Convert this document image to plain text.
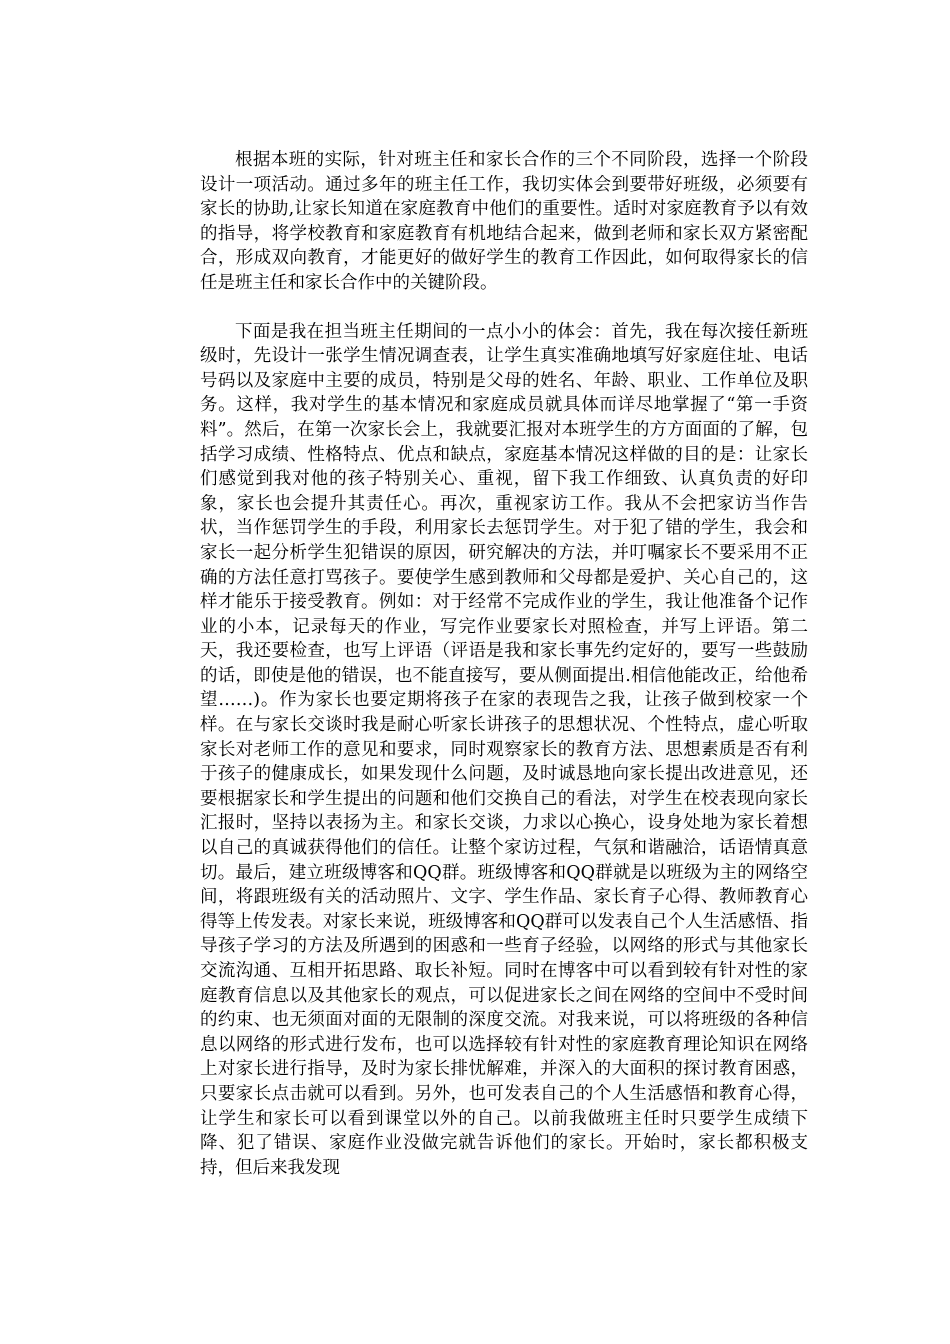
根据本班的实际，针对班主任和家长合作的三个不同阶段，选择一个阶段设计一项活动。通过多年的班主任工作，我切实体会到要带好班级，必须要有家长的协助,让家长知道在家庭教育中他们的重要性。适时对家庭教育予以有效的指导，将学校教育和家庭教育有机地结合起来，做到老师和家长双方紧密配合，形成双向教育，才能更好的做好学生的教育工作因此，如何取得家长的信任是班主任和家长合作中的关键阶段。

下面是我在担当班主任期间的一点小小的体会：首先，我在每次接任新班级时，先设计一张学生情况调查表，让学生真实准确地填写好家庭住址、电话号码以及家庭中主要的成员，特别是父母的姓名、年龄、职业、工作单位及职务。这样，我对学生的基本情况和家庭成员就具体而详尽地掌握了“第一手资料”。然后，在第一次家长会上，我就要汇报对本班学生的方方面面的了解，包括学习成绩、性格特点、优点和缺点，家庭基本情况这样做的目的是：让家长们感觉到我对他的孩子特别关心、重视，留下我工作细致、认真负责的好印象，家长也会提升其责任心。再次，重视家访工作。我从不会把家访当作告状，当作惩罚学生的手段，利用家长去惩罚学生。对于犯了错的学生，我会和家长一起分析学生犯错误的原因，研究解决的方法，并叮嘱家长不要采用不正确的方法任意打骂孩子。要使学生感到教师和父母都是爱护、关心自己的，这样才能乐于接受教育。例如：对于经常不完成作业的学生，我让他准备个记作业的小本，记录每天的作业，写完作业要家长对照检查，并写上评语。第二天，我还要检查，也写上评语（评语是我和家长事先约定好的，要写一些鼓励的话，即使是他的错误，也不能直接写，要从侧面提出.相信他能改正，给他希望……)。作为家长也要定期将孩子在家的表现告之我，让孩子做到校家一个样。在与家长交谈时我是耐心听家长讲孩子的思想状况、个性特点，虚心听取家长对老师工作的意见和要求，同时观察家长的教育方法、思想素质是否有利于孩子的健康成长，如果发现什么问题，及时诚恳地向家长提出改进意见，还要根据家长和学生提出的问题和他们交换自己的看法，对学生在校表现向家长汇报时，坚持以表扬为主。和家长交谈，力求以心换心，设身处地为家长着想以自己的真诚获得他们的信任。让整个家访过程，气氛和谐融洽，话语情真意切。最后，建立班级博客和QQ群。班级博客和QQ群就是以班级为主的网络空间，将跟班级有关的活动照片、文字、学生作品、家长育子心得、教师教育心得等上传发表。对家长来说，班级博客和QQ群可以发表自己个人生活感悟、指导孩子学习的方法及所遇到的困惑和一些育子经验，以网络的形式与其他家长交流沟通、互相开拓思路、取长补短。同时在博客中可以看到较有针对性的家庭教育信息以及其他家长的观点，可以促进家长之间在网络的空间中不受时间的约束、也无须面对面的无限制的深度交流。对我来说，可以将班级的各种信息以网络的形式进行发布，也可以选择较有针对性的家庭教育理论知识在网络上对家长进行指导，及时为家长排忧解难，并深入的大面积的探讨教育困惑，只要家长点击就可以看到。另外，也可发表自己的个人生活感悟和教育心得，让学生和家长可以看到课堂以外的自己。以前我做班主任时只要学生成绩下降、犯了错误、家庭作业没做完就告诉他们的家长。开始时，家长都积极支持，但后来我发现
